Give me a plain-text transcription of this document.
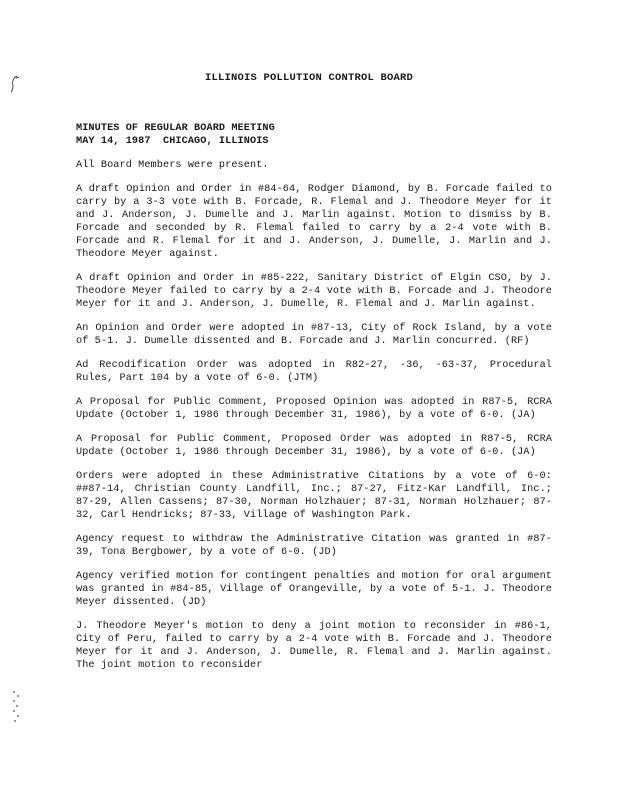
ILLINOIS POLLUTION CONTROL BOARD
MINUTES OF REGULAR BOARD MEETING
MAY 14, 1987  CHICAGO, ILLINOIS

All Board Members were present.

A draft Opinion and Order in #84-64, Rodger Diamond, by B. Forcade failed to carry by a 3-3 vote with B. Forcade, R. Flemal and J. Theodore Meyer for it and J. Anderson, J. Dumelle and J. Marlin against. Motion to dismiss by B. Forcade and seconded by R. Flemal failed to carry by a 2-4 vote with B. Forcade and R. Flemal for it and J. Anderson, J. Dumelle, J. Marlin and J. Theodore Meyer against.

A draft Opinion and Order in #85-222, Sanitary District of Elgin CSO, by J. Theodore Meyer failed to carry by a 2-4 vote with B. Forcade and J. Theodore Meyer for it and J. Anderson, J. Dumelle, R. Flemal and J. Marlin against.

An Opinion and Order were adopted in #87-13, City of Rock Island, by a vote of 5-1. J. Dumelle dissented and B. Forcade and J. Marlin concurred. (RF)

Ad Recodification Order was adopted in R82-27, -36, -63-37, Procedural Rules, Part 104 by a vote of 6-0. (JTM)

A Proposal for Public Comment, Proposed Opinion was adopted in R87-5, RCRA Update (October 1, 1986 through December 31, 1986), by a vote of 6-0. (JA)

A Proposal for Public Comment, Proposed Order was adopted in R87-5, RCRA Update (October 1, 1986 through December 31, 1986), by a vote of 6-0. (JA)

Orders were adopted in these Administrative Citations by a vote of 6-0: ##87-14, Christian County Landfill, Inc.; 87-27, Fitz-Kar Landfill, Inc.; 87-29, Allen Cassens; 87-30, Norman Holzhauer; 87-31, Norman Holzhauer; 87-32, Carl Hendricks; 87-33, Village of Washington Park.

Agency request to withdraw the Administrative Citation was granted in #87-39, Tona Bergbower, by a vote of 6-0. (JD)

Agency verified motion for contingent penalties and motion for oral argument was granted in #84-85, Village of Orangeville, by a vote of 5-1. J. Theodore Meyer dissented. (JD)

J. Theodore Meyer's motion to deny a joint motion to reconsider in #86-1, City of Peru, failed to carry by a 2-4 vote with B. Forcade and J. Theodore Meyer for it and J. Anderson, J. Dumelle, R. Flemal and J. Marlin against. The joint motion to reconsider
